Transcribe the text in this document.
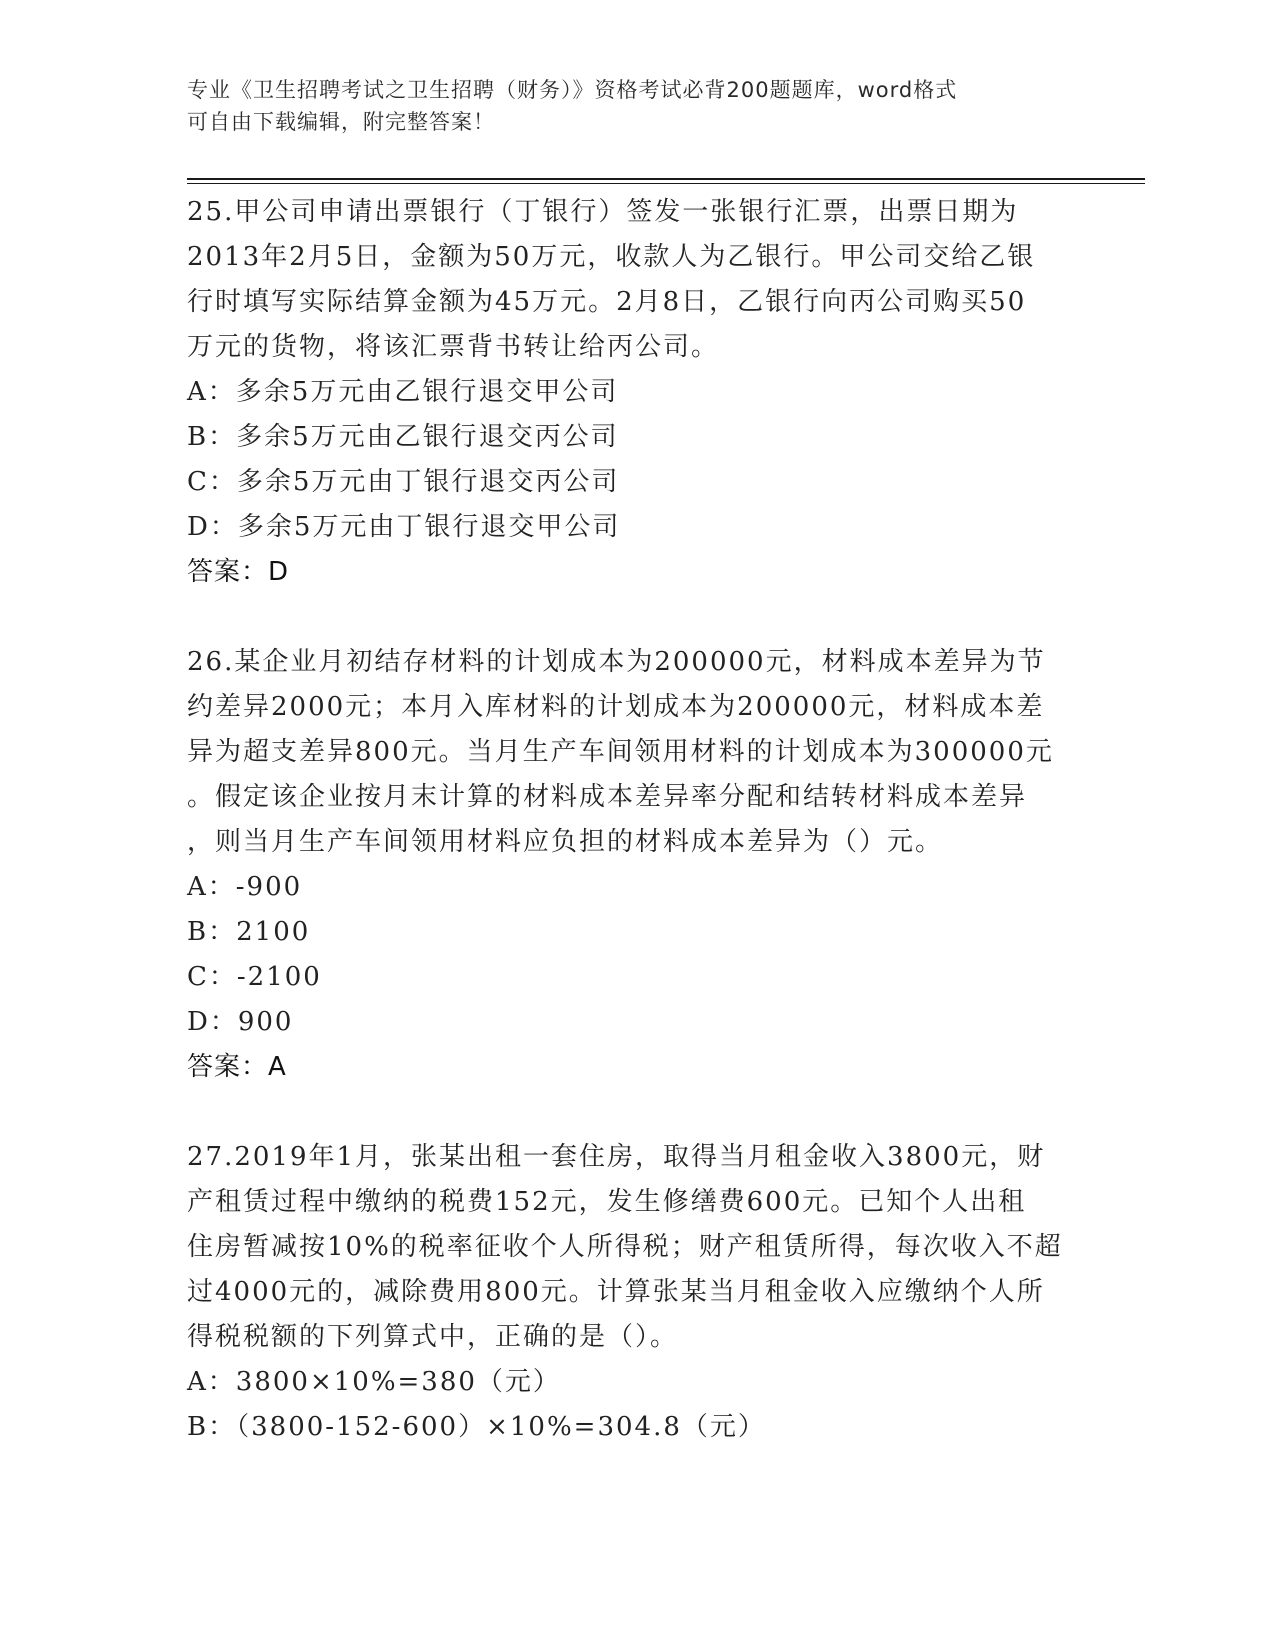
专业《卫生招聘考试之卫生招聘（财务）》资格考试必背200题题库，word格式
可自由下载编辑，附完整答案！
25.甲公司申请出票银行（丁银行）签发一张银行汇票，出票日期为
2013年2月5日，金额为50万元，收款人为乙银行。甲公司交给乙银
行时填写实际结算金额为45万元。2月8日，乙银行向丙公司购买50
万元的货物，将该汇票背书转让给丙公司。
A：多余5万元由乙银行退交甲公司
B：多余5万元由乙银行退交丙公司
C：多余5万元由丁银行退交丙公司
D：多余5万元由丁银行退交甲公司
答案：D
26.某企业月初结存材料的计划成本为200000元，材料成本差异为节
约差异2000元；本月入库材料的计划成本为200000元，材料成本差
异为超支差异800元。当月生产车间领用材料的计划成本为300000元
。假定该企业按月末计算的材料成本差异率分配和结转材料成本差异
，则当月生产车间领用材料应负担的材料成本差异为（）元。
A：-900
B：2100
C：-2100
D：900
答案：A
27.2019年1月，张某出租一套住房，取得当月租金收入3800元，财
产租赁过程中缴纳的税费152元，发生修缮费600元。已知个人出租
住房暂减按10%的税率征收个人所得税；财产租赁所得，每次收入不超
过4000元的，减除费用800元。计算张某当月租金收入应缴纳个人所
得税税额的下列算式中，正确的是（）。
A：3800×10%=380（元）
B：（3800-152-600）×10%=304.8（元）
